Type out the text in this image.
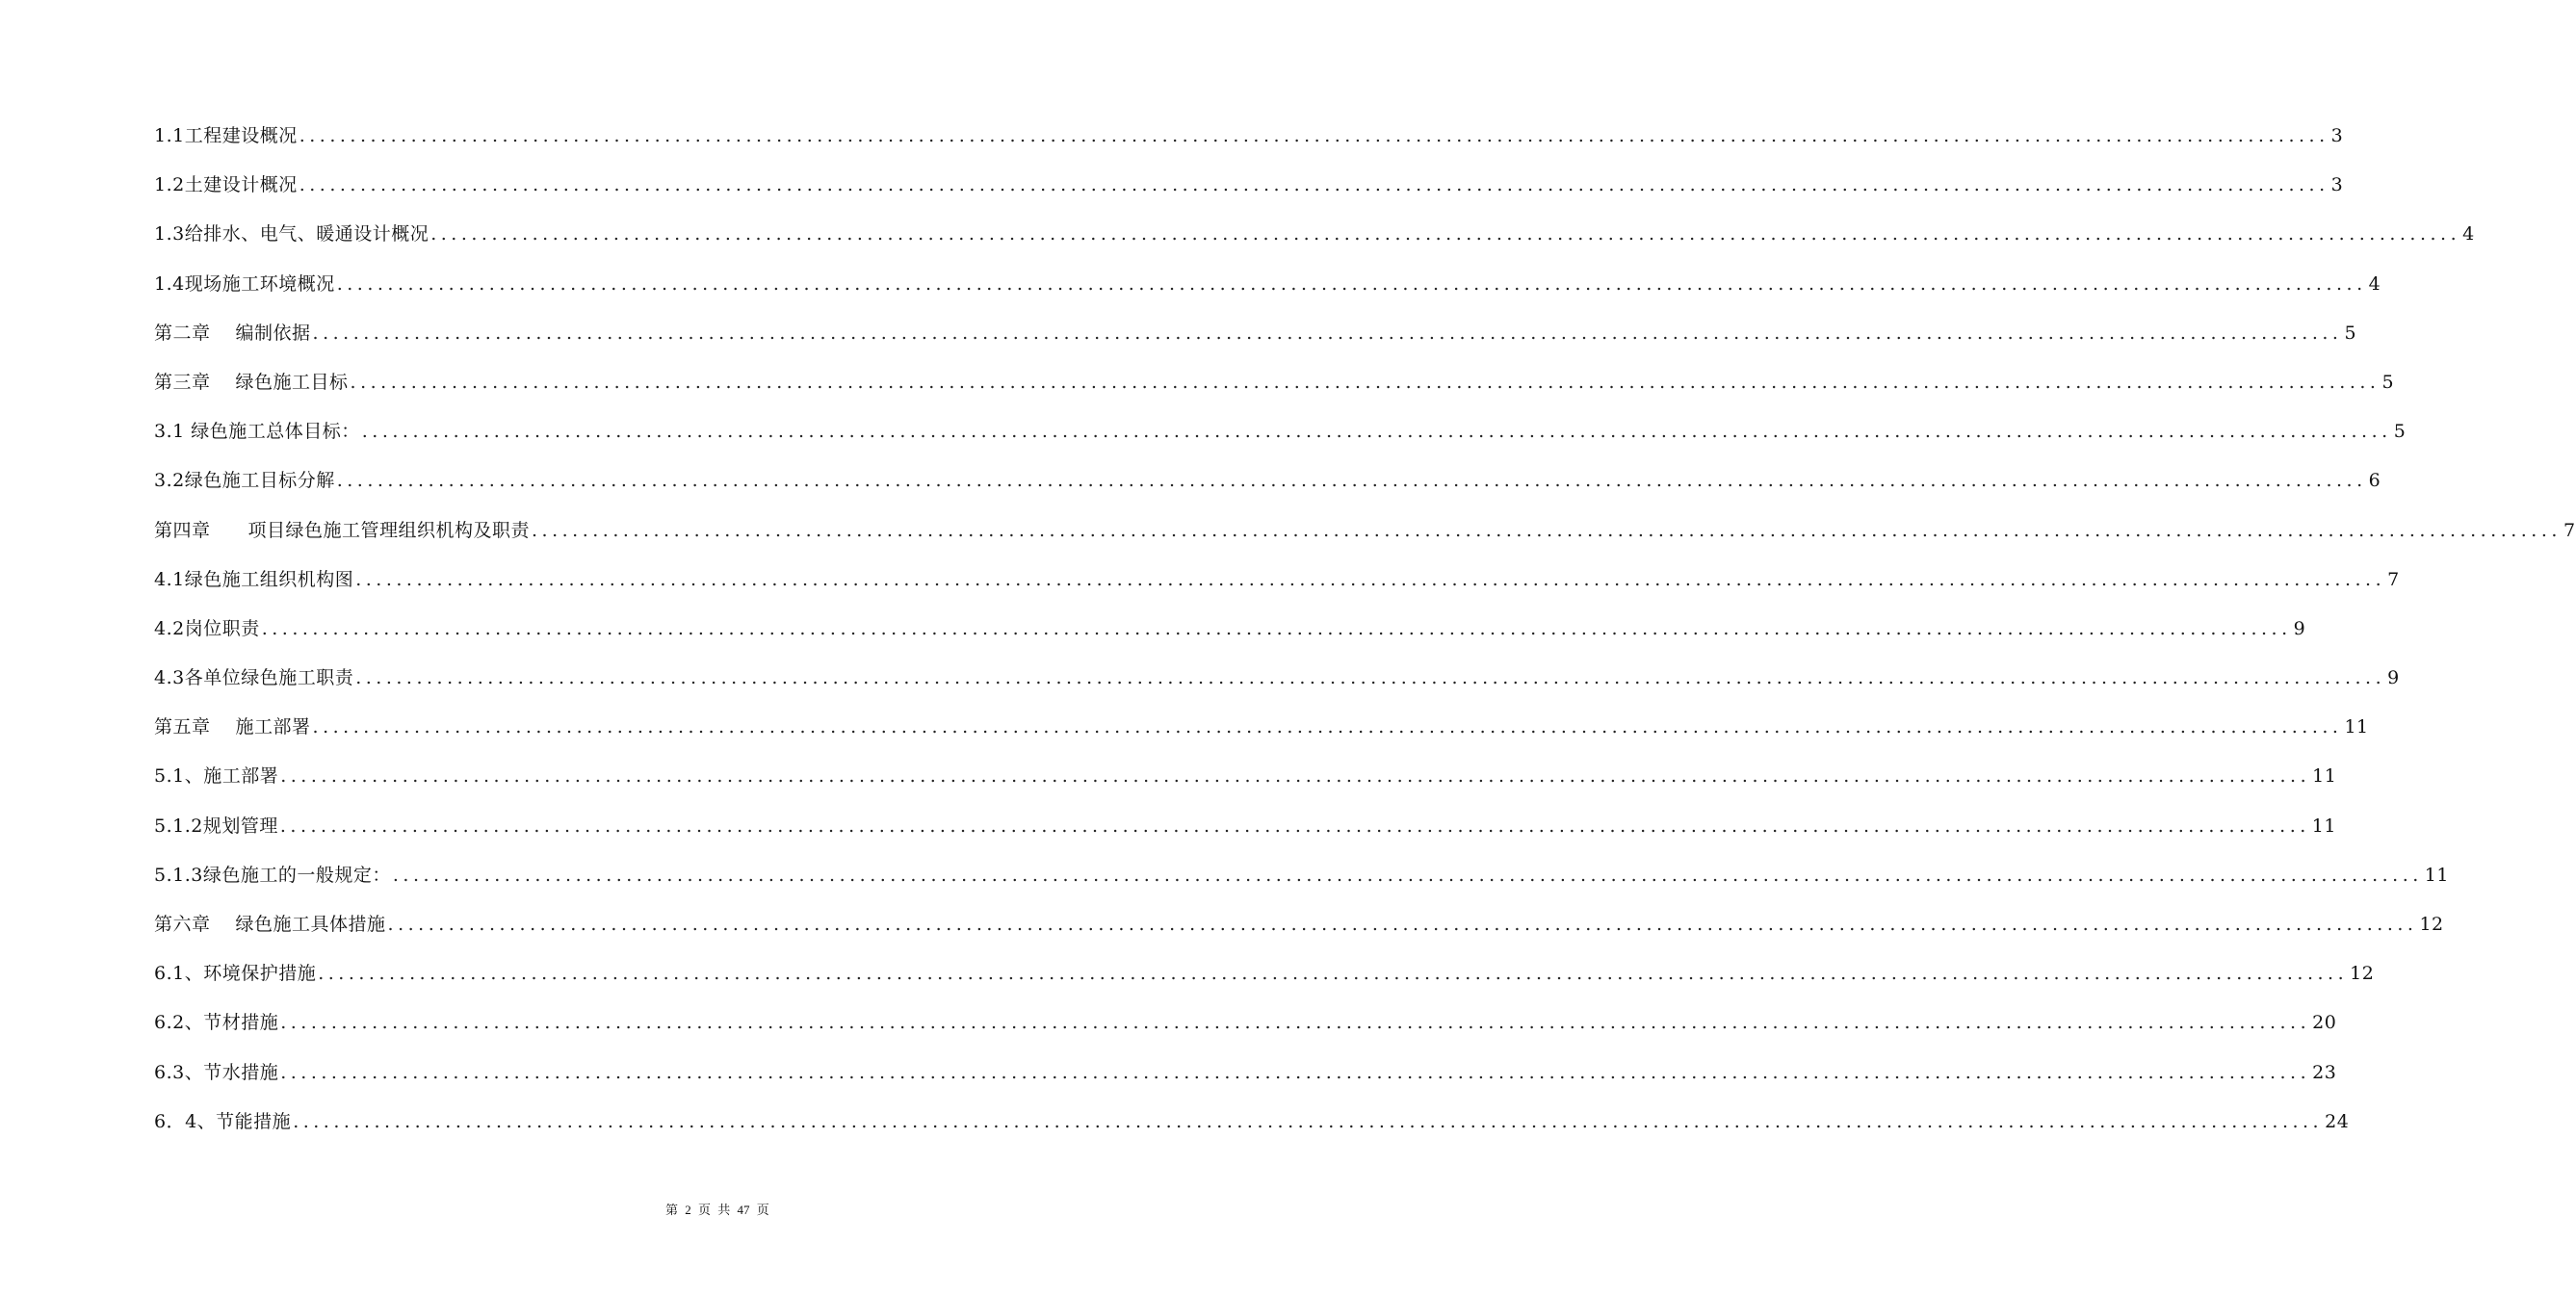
1.1工程建设概况 ........................................................................................................................................................................................................ 3
1.2土建设计概况 ........................................................................................................................................................................................................ 3
1.3给排水、电气、暖通设计概况 ........................................................................................................................................................................................................ 4
1.4现场施工环境概况 ........................................................................................................................................................................................................ 4
第二章　 编制依据 ........................................................................................................................................................................................................ 5
第三章　 绿色施工目标 ........................................................................................................................................................................................................ 5
3.1 绿色施工总体目标： ........................................................................................................................................................................................................ 5
3.2绿色施工目标分解 ........................................................................................................................................................................................................ 6
第四章　　项目绿色施工管理组织机构及职责 ........................................................................................................................................................................................................ 7
4.1绿色施工组织机构图 ........................................................................................................................................................................................................ 7
4.2岗位职责 ........................................................................................................................................................................................................ 9
4.3各单位绿色施工职责 ........................................................................................................................................................................................................ 9
第五章　 施工部署 ........................................................................................................................................................................................................ 11
5.1、施工部署 ........................................................................................................................................................................................................ 11
5.1.2规划管理 ........................................................................................................................................................................................................ 11
5.1.3绿色施工的一般规定： ........................................................................................................................................................................................................ 11
第六章　 绿色施工具体措施 ........................................................................................................................................................................................................ 12
6.1、环境保护措施 ........................................................................................................................................................................................................ 12
6.2、节材措施 ........................................................................................................................................................................................................ 20
6.3、节水措施 ........................................................................................................................................................................................................ 23
6．4、节能措施 ........................................................................................................................................................................................................ 24
第 2 页 共 47 页
